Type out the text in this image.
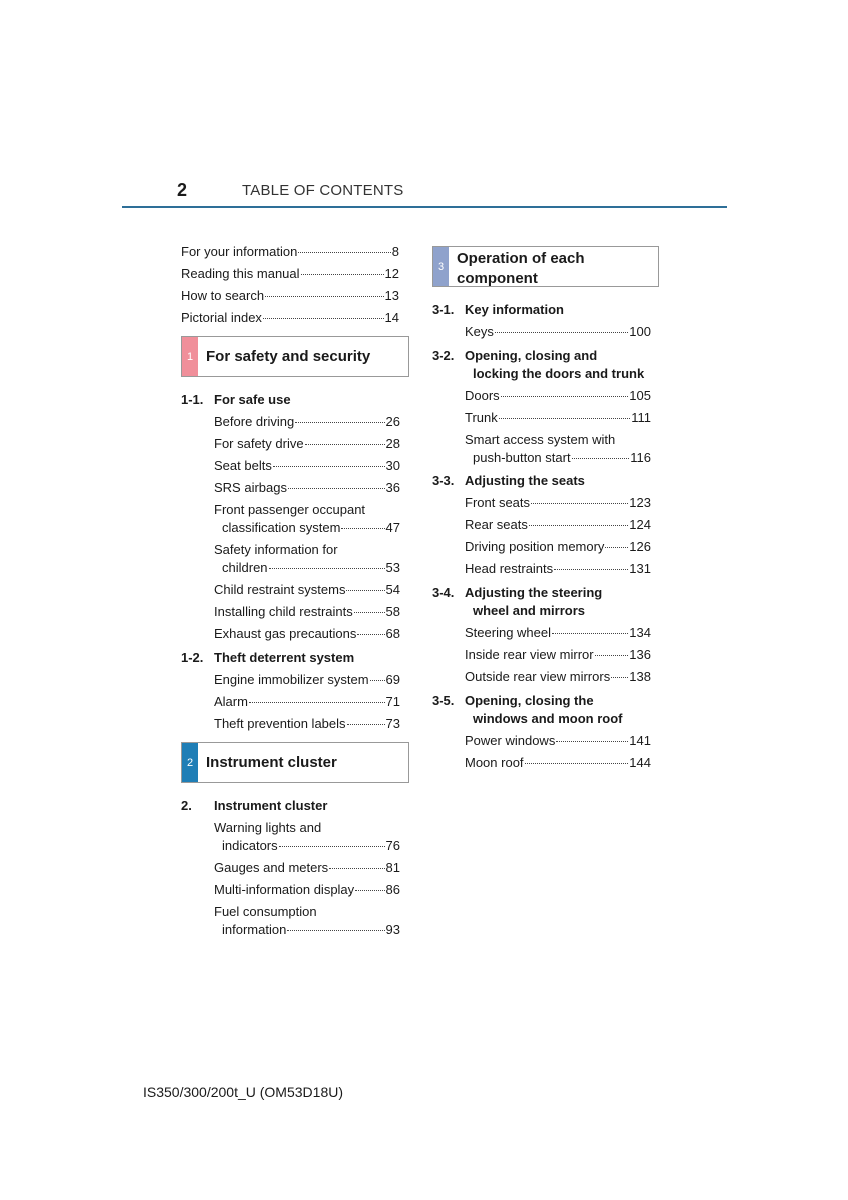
2	TABLE OF CONTENTS
For your information	8
Reading this manual	12
How to search	13
Pictorial index	14
1 For safety and security
1-1. For safe use
Before driving	26
For safety drive	28
Seat belts	30
SRS airbags	36
Front passenger occupant
classification system	47
Safety information for
children	53
Child restraint systems	54
Installing child restraints	58
Exhaust gas precautions 68
1-2. Theft deterrent system
Engine immobilizer system 69
Alarm	71
Theft prevention labels	73
2 Instrument cluster
2. Instrument cluster
Warning lights and
indicators	76
Gauges and meters	81
Multi-information display 86
Fuel consumption
information	93
3 Operation of each
component
3-1. Key information
Keys	100
3-2. Opening, closing and
locking the doors and trunk
Doors	105
Trunk	111
Smart access system with
push-button start	116
3-3. Adjusting the seats
Front seats	123
Rear seats	124
Driving position memory 126
Head restraints	131
3-4. Adjusting the steering
wheel and mirrors
Steering wheel	134
Inside rear view mirror	136
Outside rear view mirrors 138
3-5. Opening, closing the
windows and moon roof
Power windows	141
Moon roof	144
IS350/300/200t_U (OM53D18U)
